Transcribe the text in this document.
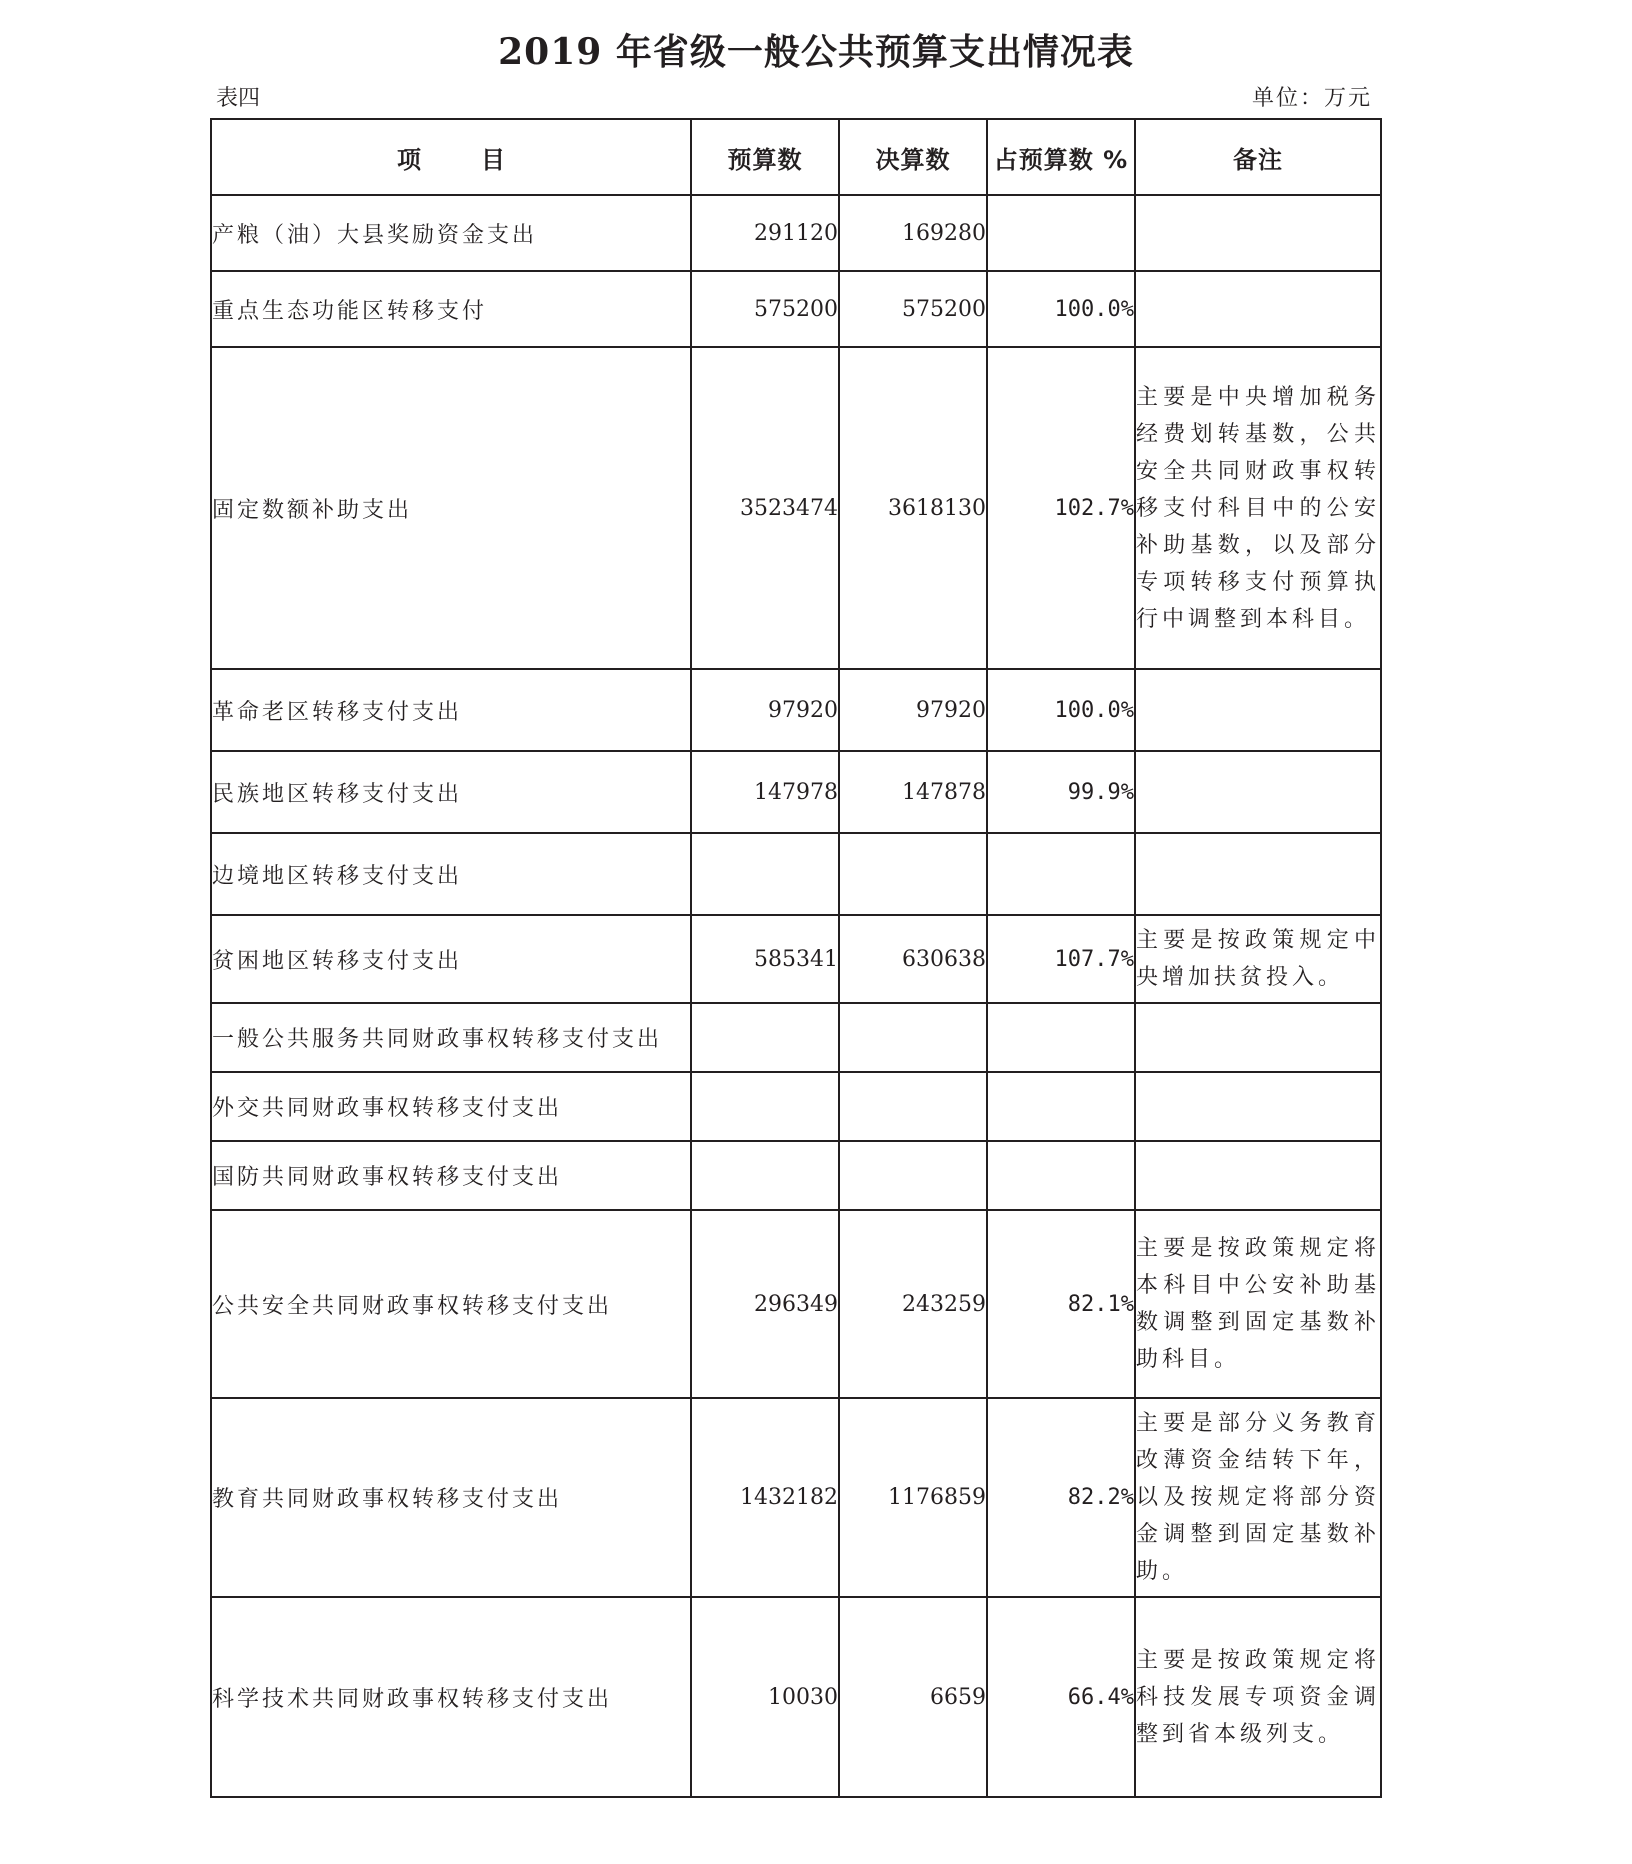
2019 年省级一般公共预算支出情况表
表四	单位：万元
项目	预算数	决算数	占预算数 %	备注
产粮（油）大县奖励资金支出	291120	169280		
重点生态功能区转移支付	575200	575200	100.0%	
固定数额补助支出	3523474	3618130	102.7%	主要是中央增加税务经费划转基数，公共安全共同财政事权转移支付科目中的公安补助基数，以及部分专项转移支付预算执行中调整到本科目。
革命老区转移支付支出	97920	97920	100.0%	
民族地区转移支付支出	147978	147878	99.9%	
边境地区转移支付支出				
贫困地区转移支付支出	585341	630638	107.7%	主要是按政策规定中央增加扶贫投入。
一般公共服务共同财政事权转移支付支出				
外交共同财政事权转移支付支出				
国防共同财政事权转移支付支出				
公共安全共同财政事权转移支付支出	296349	243259	82.1%	主要是按政策规定将本科目中公安补助基数调整到固定基数补助科目。
教育共同财政事权转移支付支出	1432182	1176859	82.2%	主要是部分义务教育改薄资金结转下年，以及按规定将部分资金调整到固定基数补助。
科学技术共同财政事权转移支付支出	10030	6659	66.4%	主要是按政策规定将科技发展专项资金调整到省本级列支。
